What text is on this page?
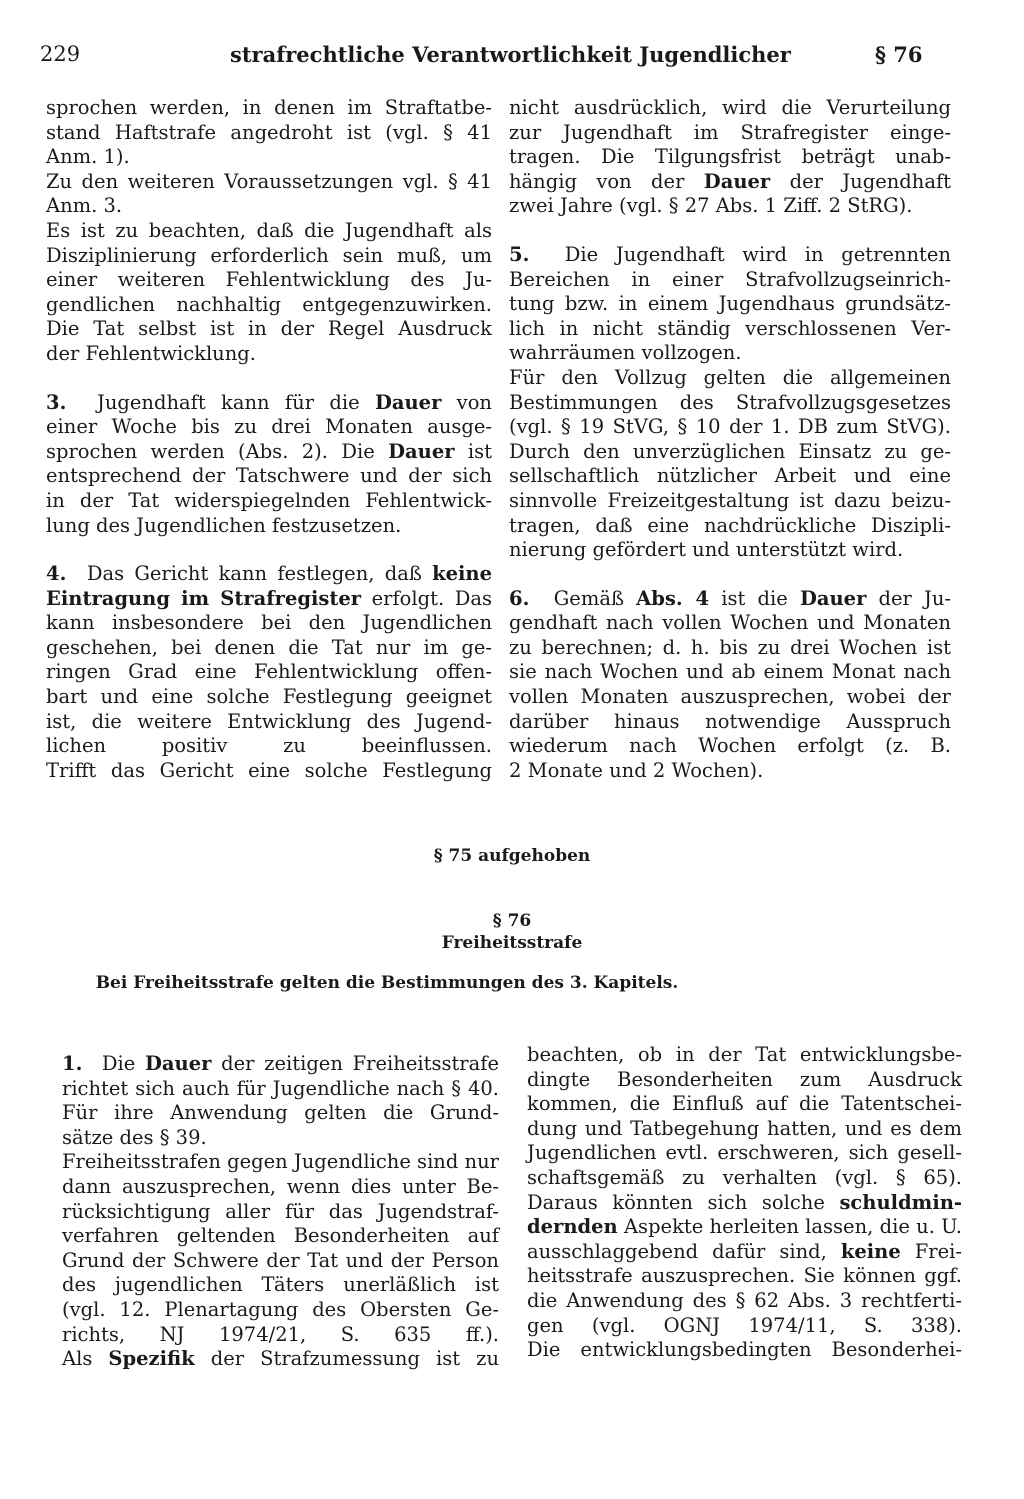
229	strafrechtliche Verantwortlichkeit Jugendlicher	§ 76

sprochen werden, in denen im Straftatbe-

stand Haftstrafe angedroht ist (vgl. § 41

Anm. 1).

Zu den weiteren Voraussetzungen vgl. § 41

Anm. 3.

Es ist zu beachten, daß die Jugendhaft als

Disziplinierung erforderlich sein muß, um

einer weiteren Fehlentwicklung des Ju-

gendlichen nachhaltig entgegenzuwirken.

Die Tat selbst ist in der Regel Ausdruck

der Fehlentwicklung.

3.  Jugendhaft kann für die Dauer von

einer Woche bis zu drei Monaten ausge-

sprochen werden (Abs. 2). Die Dauer ist

entsprechend der Tatschwere und der sich

in der Tat widerspiegelnden Fehlentwick-

lung des Jugendlichen festzusetzen.

4.  Das Gericht kann festlegen, daß keine

Eintragung im Strafregister erfolgt. Das

kann insbesondere bei den Jugendlichen

geschehen, bei denen die Tat nur im ge-

ringen Grad eine Fehlentwicklung offen-

bart und eine solche Festlegung geeignet

ist, die weitere Entwicklung des Jugend-

lichen positiv zu beeinflussen.

Trifft das Gericht eine solche Festlegung

nicht ausdrücklich, wird die Verurteilung

zur Jugendhaft im Strafregister einge-

tragen. Die Tilgungsfrist beträgt unab-

hängig von der Dauer der Jugendhaft

zwei Jahre (vgl. § 27 Abs. 1 Ziff. 2 StRG).

5.  Die Jugendhaft wird in getrennten

Bereichen in einer Strafvollzugseinrich-

tung bzw. in einem Jugendhaus grundsätz-

lich in nicht ständig verschlossenen Ver-

wahrräumen vollzogen.

Für den Vollzug gelten die allgemeinen

Bestimmungen des Strafvollzugsgesetzes

(vgl. § 19 StVG, § 10 der 1. DB zum StVG).

Durch den unverzüglichen Einsatz zu ge-

sellschaftlich nützlicher Arbeit und eine

sinnvolle Freizeitgestaltung ist dazu beizu-

tragen, daß eine nachdrückliche Diszipli-

nierung gefördert und unterstützt wird.

6.  Gemäß Abs. 4 ist die Dauer der Ju-

gendhaft nach vollen Wochen und Monaten

zu berechnen; d. h. bis zu drei Wochen ist

sie nach Wochen und ab einem Monat nach

vollen Monaten auszusprechen, wobei der

darüber hinaus notwendige Ausspruch

wiederum nach Wochen erfolgt (z. B.

2 Monate und 2 Wochen).

§ 75 aufgehoben
§ 76
Freiheitsstrafe
Bei Freiheitsstrafe gelten die Bestimmungen des 3. Kapitels.

1.  Die Dauer der zeitigen Freiheitsstrafe

richtet sich auch für Jugendliche nach § 40.

Für ihre Anwendung gelten die Grund-

sätze des § 39.

Freiheitsstrafen gegen Jugendliche sind nur

dann auszusprechen, wenn dies unter Be-

rücksichtigung aller für das Jugendstraf-

verfahren geltenden Besonderheiten auf

Grund der Schwere der Tat und der Person

des jugendlichen Täters unerläßlich ist

(vgl. 12. Plenartagung des Obersten Ge-

richts, NJ 1974/21, S. 635 ff.).

Als Spezifik der Strafzumessung ist zu

beachten, ob in der Tat entwicklungsbe-

dingte Besonderheiten zum Ausdruck

kommen, die Einfluß auf die Tatentschei-

dung und Tatbegehung hatten, und es dem

Jugendlichen evtl. erschweren, sich gesell-

schaftsgemäß zu verhalten (vgl. § 65).

Daraus könnten sich solche schuldmin-

dernden Aspekte herleiten lassen, die u. U.

ausschlaggebend dafür sind, keine Frei-

heitsstrafe auszusprechen. Sie können ggf.

die Anwendung des § 62 Abs. 3 rechtferti-

gen (vgl. OGNJ 1974/11, S. 338).

Die entwicklungsbedingten Besonderhei-
